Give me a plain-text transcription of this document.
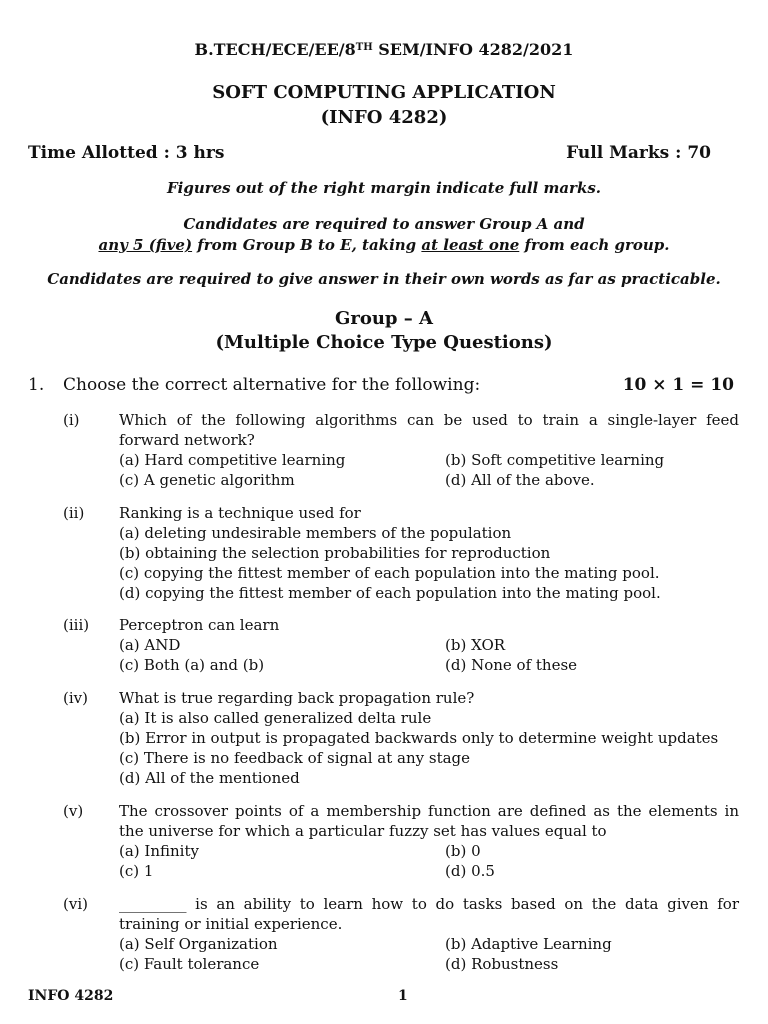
B.TECH/ECE/EE/8TH SEM/INFO 4282/2021
SOFT COMPUTING APPLICATION
(INFO 4282)
Time Allotted : 3 hrs	Full Marks : 70
Figures out of the right margin indicate full marks.
Candidates are required to answer Group A and
any 5 (five) from Group B to E, taking at least one from each group.
Candidates are required to give answer in their own words as far as practicable.
Group – A
(Multiple Choice Type Questions)
1. Choose the correct alternative for the following:	10 × 1 = 10
(i)	Which of the following algorithms can be used to train a single-layer feed forward network?
(a) Hard competitive learning	(b) Soft competitive learning
(c) A genetic algorithm	(d) All of the above.
(ii) Ranking is a technique used for
(a) deleting undesirable members of the population
(b) obtaining the selection probabilities for reproduction
(c) copying the fittest member of each population into the mating pool.
(d) copying the fittest member of each population into the mating pool.
(iii) Perceptron can learn
(a) AND	(b) XOR
(c) Both (a) and (b)	(d) None of these
(iv) What is true regarding back propagation rule?
(a) It is also called generalized delta rule
(b) Error in output is propagated backwards only to determine weight updates
(c) There is no feedback of signal at any stage
(d) All of the mentioned
(v) The crossover points of a membership function are defined as the elements in the universe for which a particular fuzzy set has values equal to
(a) Infinity	(b) 0
(c) 1	(d) 0.5
(vi) _________ is an ability to learn how to do tasks based on the data given for training or initial experience.
(a) Self Organization	(b) Adaptive Learning
(c) Fault tolerance	(d) Robustness
INFO 4282	1
